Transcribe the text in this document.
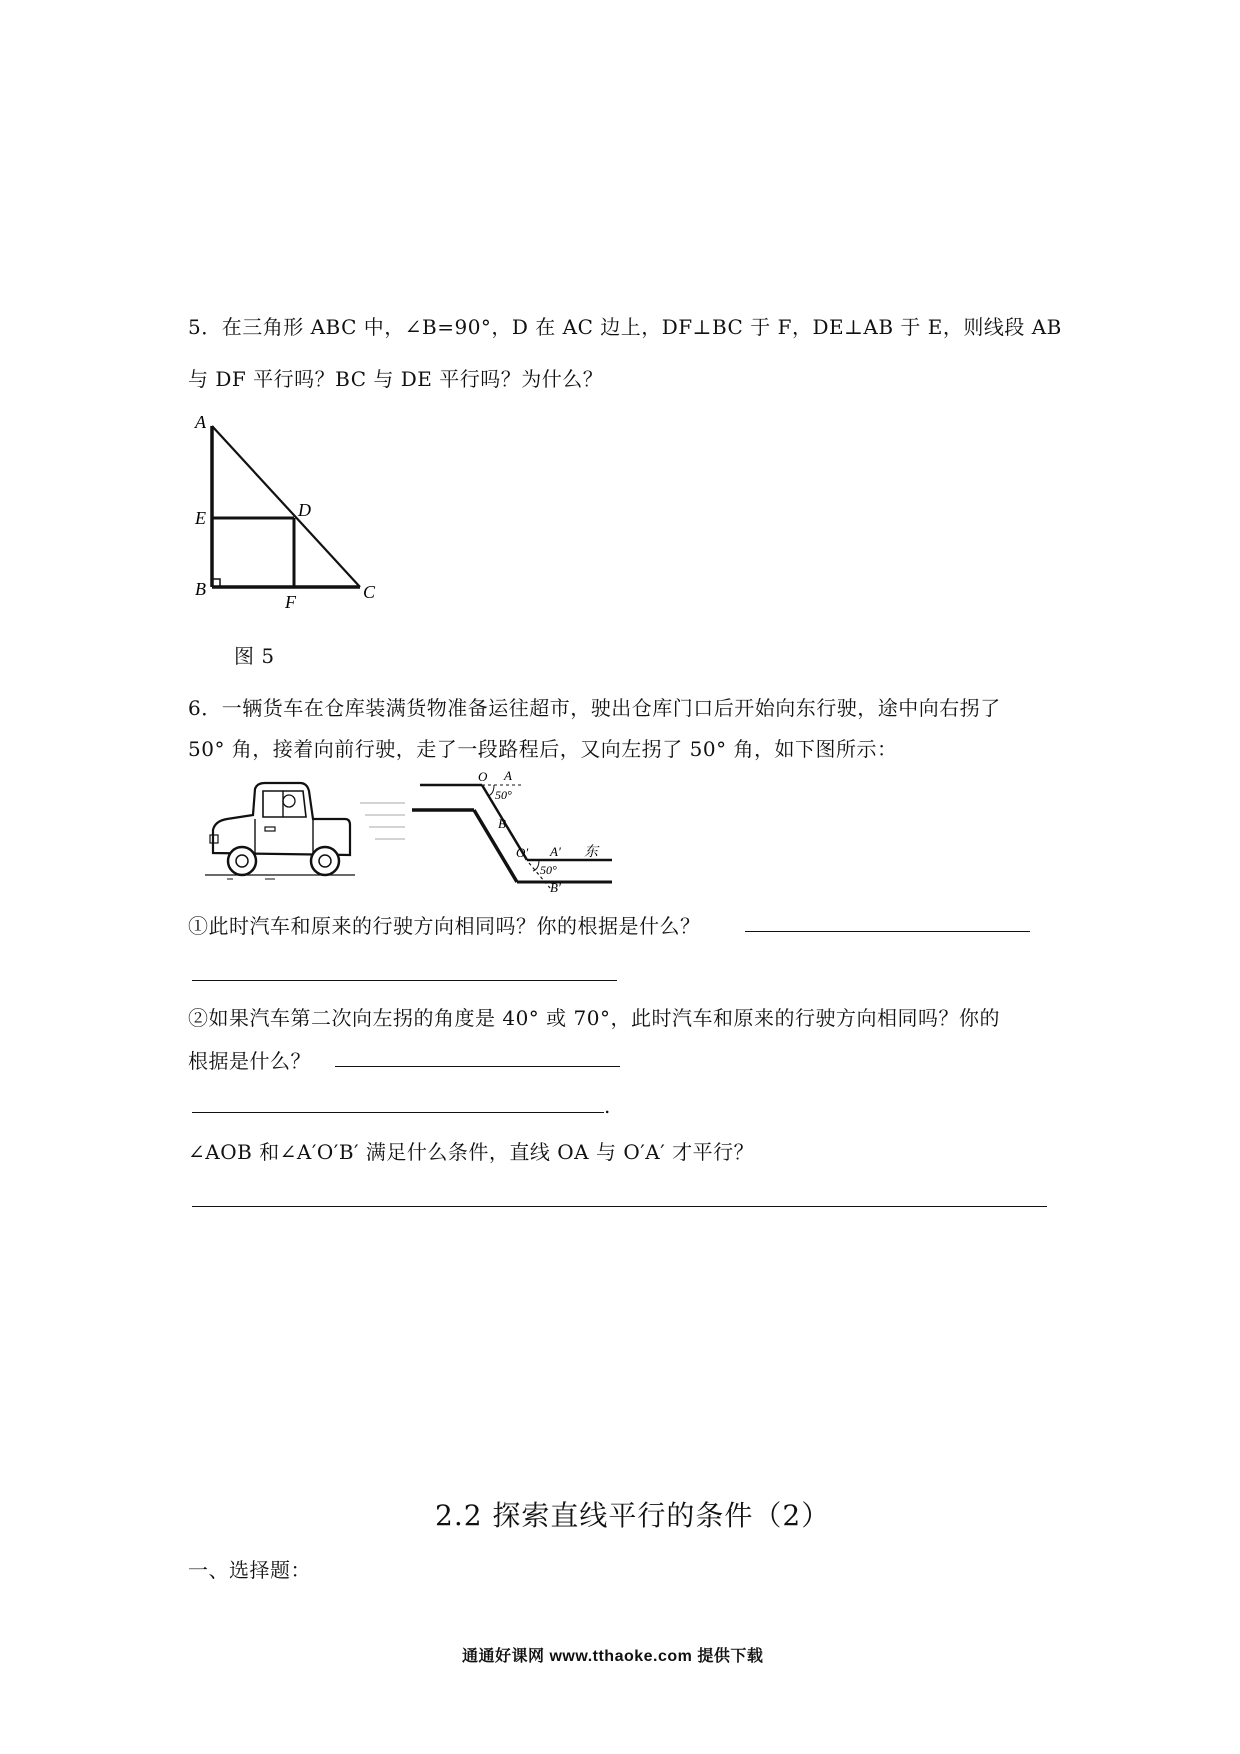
5．在三角形 ABC 中，∠B=90°，D 在 AC 边上，DF⊥BC 于 F，DE⊥AB 于 E，则线段 AB
与 DF 平行吗？BC 与 DE 平行吗？为什么？
A
E
B
D
F	C
图 5
6．一辆货车在仓库装满货物准备运往超市，驶出仓库门口后开始向东行驶，途中向右拐了
50° 角，接着向前行驶，走了一段路程后，又向左拐了 50° 角，如下图所示：
O A
50°
B
O′ A′ 东
50°
B′
①此时汽车和原来的行驶方向相同吗？你的根据是什么？
②如果汽车第二次向左拐的角度是 40° 或 70°，此时汽车和原来的行驶方向相同吗？你的
根据是什么？
.
∠AOB 和∠A′O′B′ 满足什么条件，直线 OA 与 O′A′ 才平行？
2.2 探索直线平行的条件（2）
一、选择题：
通通好课网 www.tthaoke.com 提供下载
